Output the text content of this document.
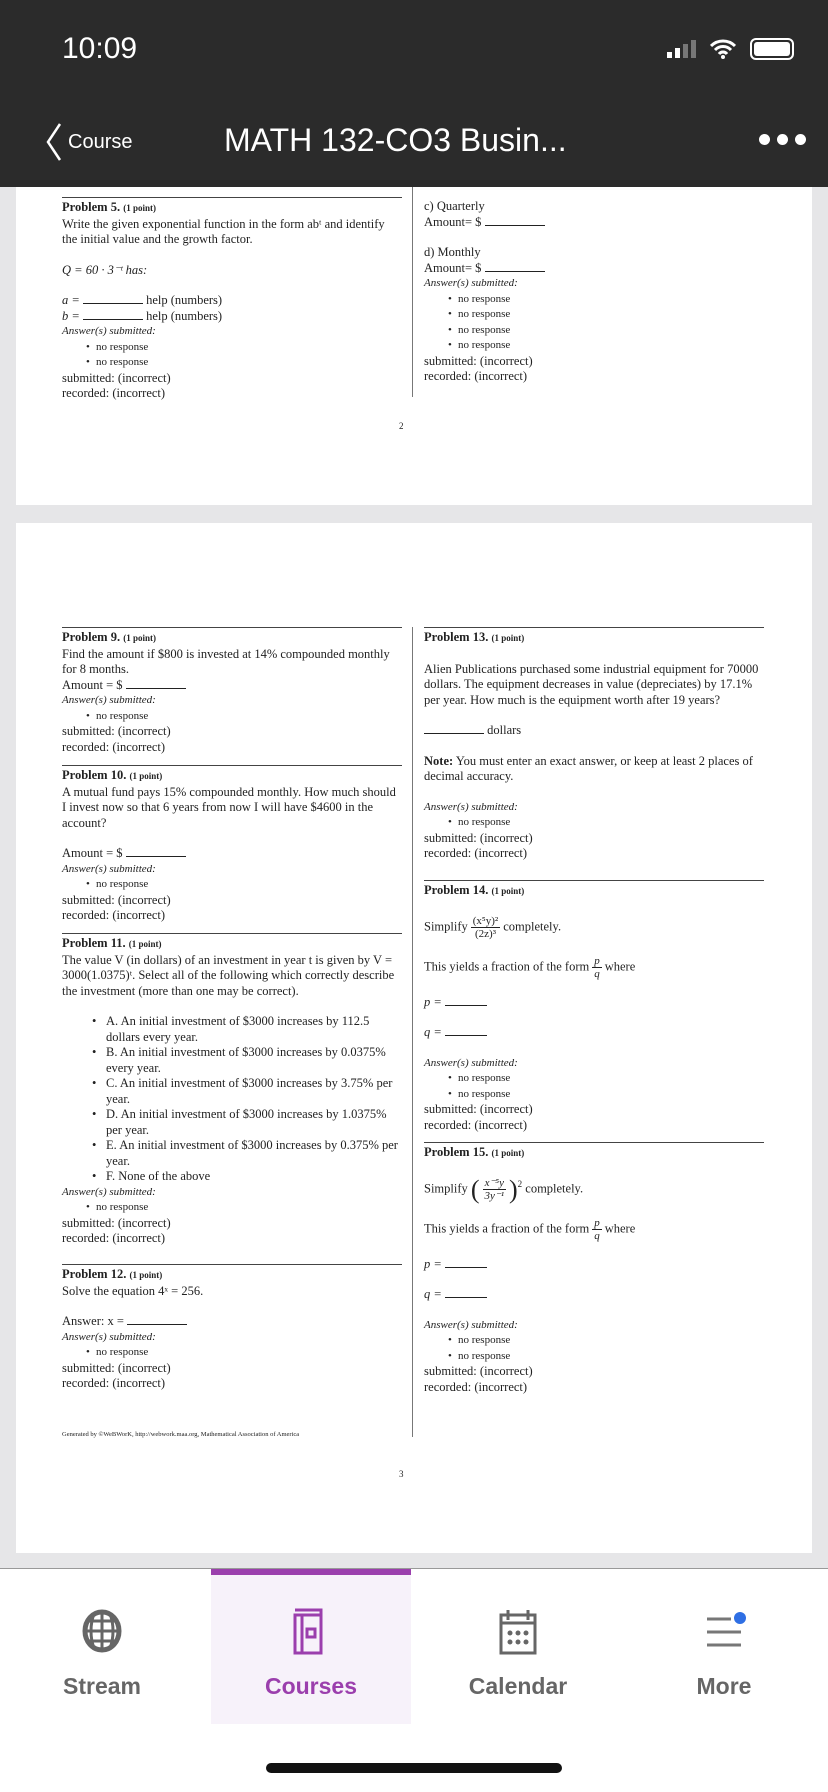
10:09
Course	MATH 132-CO3 Busin...
Problem 5. (1 point)
Write the given exponential function in the form abᵗ and identify the initial value and the growth factor.
Q = 60 · 3⁻ᵗ has:
a =	help (numbers)
b =	help (numbers)
Answer(s) submitted:
• no response
• no response
submitted: (incorrect)
recorded: (incorrect)
c) Quarterly
Amount= $
d) Monthly
Amount= $
Answer(s) submitted:
• no response
• no response
• no response
• no response
submitted: (incorrect)
recorded: (incorrect)
2
Problem 9. (1 point)
Find the amount if $800 is invested at 14% compounded monthly for 8 months.
Amount = $
Answer(s) submitted:
• no response
submitted: (incorrect)
recorded: (incorrect)
Problem 10. (1 point)
A mutual fund pays 15% compounded monthly. How much should I invest now so that 6 years from now I will have $4600 in the account?
Amount = $
Answer(s) submitted:
• no response
submitted: (incorrect)
recorded: (incorrect)
Problem 11. (1 point)
The value V (in dollars) of an investment in year t is given by V = 3000(1.0375)ᵗ. Select all of the following which correctly describe the investment (more than one may be correct).
• A. An initial investment of $3000 increases by 112.5 dollars every year.
• B. An initial investment of $3000 increases by 0.0375% every year.
• C. An initial investment of $3000 increases by 3.75% per year.
• D. An initial investment of $3000 increases by 1.0375% per year.
• E. An initial investment of $3000 increases by 0.375% per year.
• F. None of the above
Answer(s) submitted:
• no response
submitted: (incorrect)
recorded: (incorrect)
Problem 12. (1 point)
Solve the equation 4ˣ = 256.
Answer: x =
Answer(s) submitted:
• no response
submitted: (incorrect)
recorded: (incorrect)
Problem 13. (1 point)
Alien Publications purchased some industrial equipment for 70000 dollars. The equipment decreases in value (depreciates) by 17.1% per year. How much is the equipment worth after 19 years?
dollars
Note: You must enter an exact answer, or keep at least 2 places of decimal accuracy.
Answer(s) submitted:
• no response
submitted: (incorrect)
recorded: (incorrect)
Problem 14. (1 point)
Simplify $\frac{\text{(x⁵y)²}}{\text{(2z)³}}$ completely.
This yields a fraction of the form $\frac{p}{q}$ where
p =
q =
Answer(s) submitted:
• no response
• no response
submitted: (incorrect)
recorded: (incorrect)
Problem 15. (1 point)
Simplify ( $\frac{\text{x⁻⁵y}}{\text{3y⁻¹}} )^2$ completely.
This yields a fraction of the form $\frac{p}{q}$ where
p =
q =
Answer(s) submitted:
• no response
• no response
submitted: (incorrect)
recorded: (incorrect)
Generated by ©WeBWorK, http://webwork.maa.org, Mathematical Association of America
3
Stream	Courses	Calendar	More
